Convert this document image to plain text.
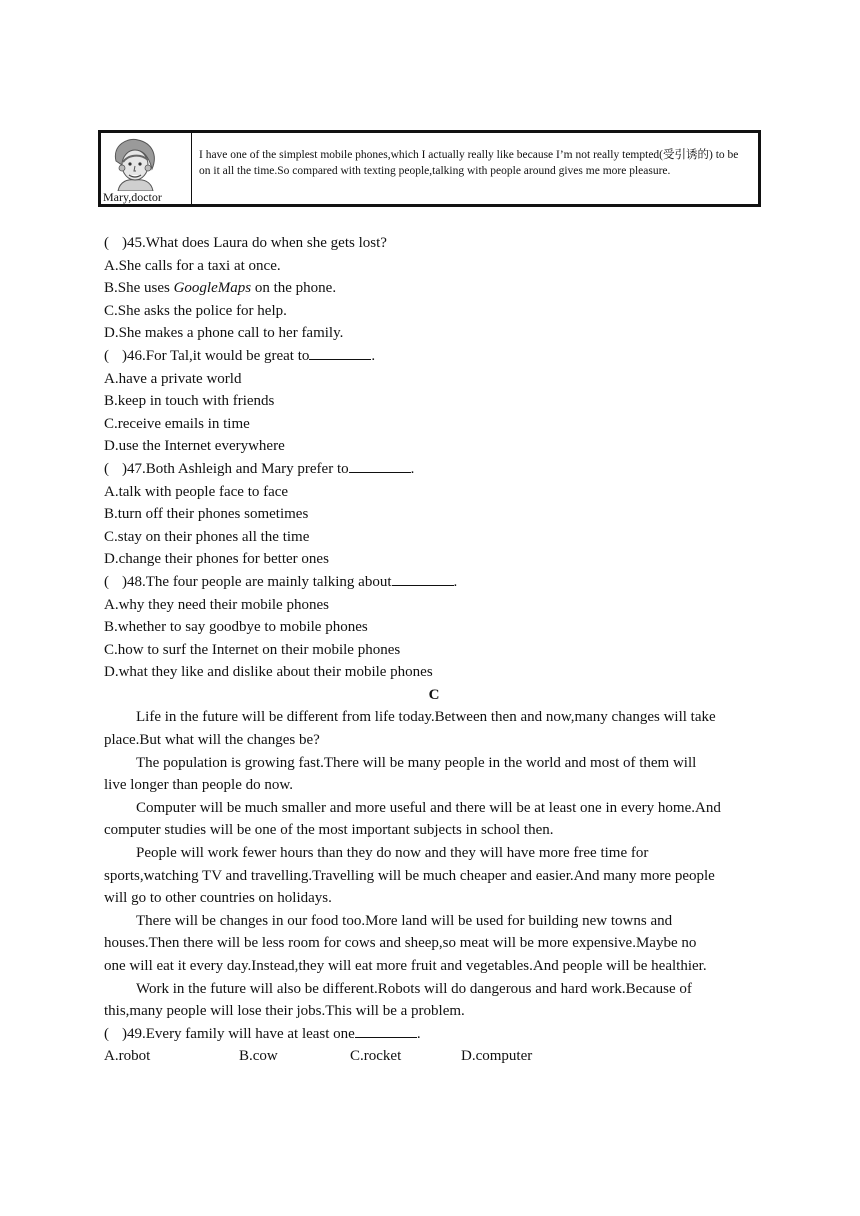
Mary,doctor
I have one of the simplest mobile phones,which I actually really like because I’m not really tempted(受引诱的) to be on it all the time.So compared with texting people,talking with people around gives me more pleasure.
( )45.What does Laura do when she gets lost?
A.She calls for a taxi at once.
B.She uses GoogleMaps on the phone.
C.She asks the police for help.
D.She makes a phone call to her family.
( )46.For Tal,it would be great to	.
A.have a private world
B.keep in touch with friends
C.receive emails in time
D.use the Internet everywhere
( )47.Both Ashleigh and Mary prefer to	.
A.talk with people face to face
B.turn off their phones sometimes
C.stay on their phones all the time
D.change their phones for better ones
( )48.The four people are mainly talking about	.
A.why they need their mobile phones
B.whether to say goodbye to mobile phones
C.how to surf the Internet on their mobile phones
D.what they like and dislike about their mobile phones
C
Life in the future will be different from life today.Between then and now,many changes will take
place.But what will the changes be?
The population is growing fast.There will be many people in the world and most of them will
live longer than people do now.
Computer will be much smaller and more useful and there will be at least one in every home.And
computer studies will be one of the most important subjects in school then.
People will work fewer hours than they do now and they will have more free time for
sports,watching TV and travelling.Travelling will be much cheaper and easier.And many more people
will go to other countries on holidays.
There will be changes in our food too.More land will be used for building new towns and
houses.Then there will be less room for cows and sheep,so meat will be more expensive.Maybe no
one will eat it every day.Instead,they will eat more fruit and vegetables.And people will be healthier.
Work in the future will also be different.Robots will do dangerous and hard work.Because of
this,many people will lose their jobs.This will be a problem.
( )49.Every family will have at least one	.
A.robot	B.cow	C.rocket	D.computer
